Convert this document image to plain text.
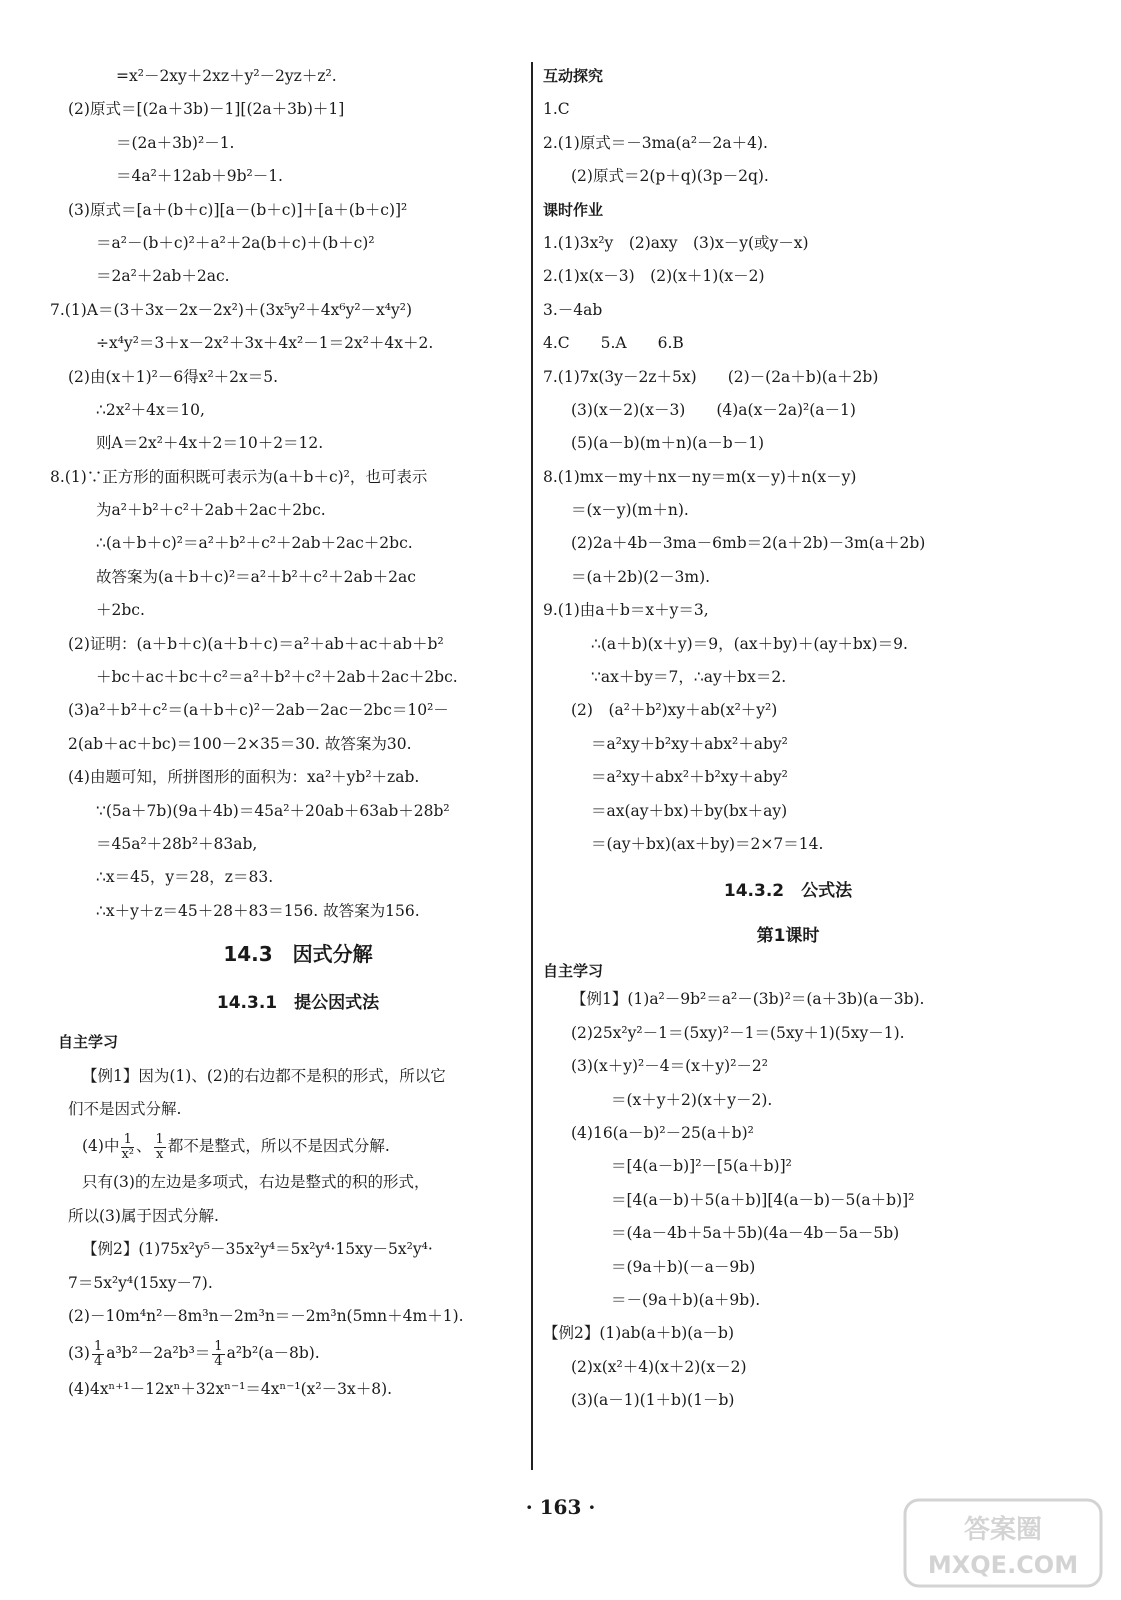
=x²－2xy＋2xz＋y²－2yz＋z².
(2)原式＝[(2a＋3b)－1][(2a＋3b)＋1]
＝(2a＋3b)²－1.
＝4a²＋12ab＋9b²－1.
(3)原式＝[a＋(b＋c)][a－(b＋c)]＋[a＋(b＋c)]²
＝a²－(b＋c)²＋a²＋2a(b＋c)＋(b＋c)²
＝2a²＋2ab＋2ac.
7.(1)A＝(3＋3x－2x－2x²)＋(3x⁵y²＋4x⁶y²－x⁴y²)
÷x⁴y²＝3＋x－2x²＋3x＋4x²－1＝2x²＋4x＋2.
(2)由(x＋1)²－6得x²＋2x＝5.
∴2x²＋4x＝10,
则A＝2x²＋4x＋2＝10＋2＝12.
8.(1)∵正方形的面积既可表示为(a＋b＋c)²，也可表示
为a²＋b²＋c²＋2ab＋2ac＋2bc.
∴(a＋b＋c)²＝a²＋b²＋c²＋2ab＋2ac＋2bc.
故答案为(a＋b＋c)²＝a²＋b²＋c²＋2ab＋2ac
＋2bc.
(2)证明：(a＋b＋c)(a＋b＋c)＝a²＋ab＋ac＋ab＋b²
＋bc＋ac＋bc＋c²＝a²＋b²＋c²＋2ab＋2ac＋2bc.
(3)a²＋b²＋c²＝(a＋b＋c)²－2ab－2ac－2bc＝10²－
2(ab＋ac＋bc)＝100－2×35＝30. 故答案为30.
(4)由题可知，所拼图形的面积为：xa²＋yb²＋zab.
∵(5a＋7b)(9a＋4b)＝45a²＋20ab＋63ab＋28b²
＝45a²＋28b²＋83ab,
∴x＝45，y＝28，z＝83.
∴x＋y＋z＝45＋28＋83＝156. 故答案为156.
14.3　因式分解
14.3.1　提公因式法
自主学习
【例1】因为(1)、(2)的右边都不是积的形式，所以它
们不是因式分解.
(4)中 $\frac{1}{\text{x²}}$ 、 $\frac{1}{x}$ 都不是整式，所以不是因式分解.
只有(3)的左边是多项式，右边是整式的积的形式，
所以(3)属于因式分解.
【例2】(1)75x²y⁵－35x²y⁴＝5x²y⁴·15xy－5x²y⁴·
7＝5x²y⁴(15xy－7).
(2)－10m⁴n²－8m³n－2m³n＝－2m³n(5mn＋4m＋1).
$(3) \frac{1}{4} a^3b^2-2a^2b^3= \frac{1}{4} a^2b^2(a-8b)$.
(4)4xⁿ⁺¹－12xⁿ＋32xⁿ⁻¹＝4xⁿ⁻¹(x²－3x＋8).
互动探究
1.C
2.(1)原式＝－3ma(a²－2a＋4).
(2)原式＝2(p＋q)(3p－2q).
课时作业
1.(1)3x²y　(2)axy　(3)x－y(或y－x)
2.(1)x(x－3)　(2)(x＋1)(x－2)
3.－4ab
4.C　　5.A　　6.B
7.(1)7x(3y－2z＋5x)　　(2)－(2a＋b)(a＋2b)
(3)(x－2)(x－3)　　(4)a(x－2a)²(a－1)
(5)(a－b)(m＋n)(a－b－1)
8.(1)mx－my＋nx－ny＝m(x－y)＋n(x－y)
＝(x－y)(m＋n).
(2)2a＋4b－3ma－6mb＝2(a＋2b)－3m(a＋2b)
＝(a＋2b)(2－3m).
9.(1)由a＋b＝x＋y＝3,
∴(a＋b)(x＋y)＝9，(ax＋by)＋(ay＋bx)＝9.
∵ax＋by＝7，∴ay＋bx＝2.
(2)　(a²＋b²)xy＋ab(x²＋y²)
＝a²xy＋b²xy＋abx²＋aby²
＝a²xy＋abx²＋b²xy＋aby²
＝ax(ay＋bx)＋by(bx＋ay)
＝(ay＋bx)(ax＋by)＝2×7＝14.
14.3.2　公式法
第1课时
自主学习
【例1】(1)a²－9b²＝a²－(3b)²＝(a＋3b)(a－3b).
(2)25x²y²－1＝(5xy)²－1＝(5xy＋1)(5xy－1).
(3)(x＋y)²－4＝(x＋y)²－2²
＝(x＋y＋2)(x＋y－2).
(4)16(a－b)²－25(a＋b)²
＝[4(a－b)]²－[5(a＋b)]²
＝[4(a－b)＋5(a＋b)][4(a－b)－5(a＋b)]²
＝(4a－4b＋5a＋5b)(4a－4b－5a－5b)
＝(9a＋b)(－a－9b)
＝－(9a＋b)(a＋9b).
【例2】(1)ab(a＋b)(a－b)
(2)x(x²＋4)(x＋2)(x－2)
(3)(a－1)(1＋b)(1－b)
· 163 ·
答案圈
MXQE.COM
